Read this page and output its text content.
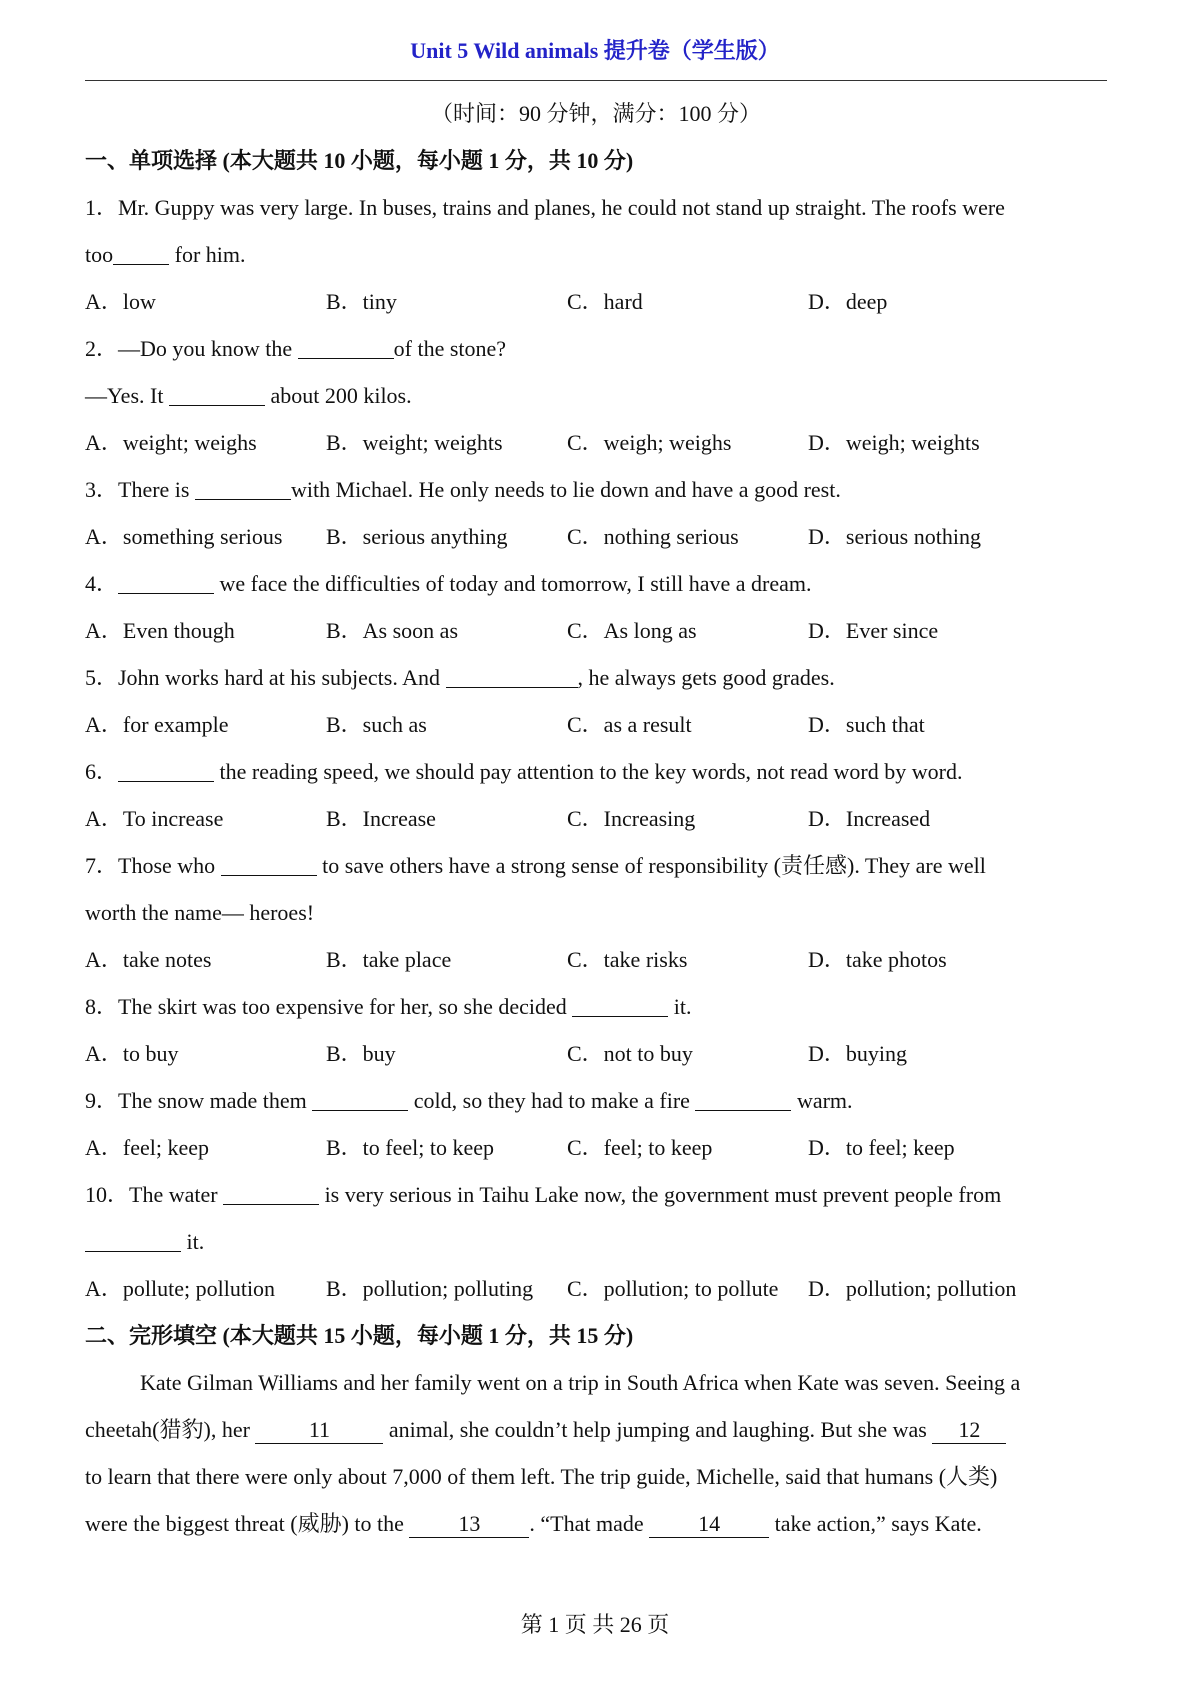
Unit 5 Wild animals 提升卷（学生版）
（时间：90 分钟，满分：100 分）
一、单项选择 (本大题共 10 小题，每小题 1 分，共 10 分)
1．Mr. Guppy was very large. In buses, trains and planes, he could not stand up straight. The roofs were
too	for him.
A．low	B．tiny	C．hard	D．deep
2．—Do you know the	of the stone?
—Yes. It	about 200 kilos.
A．weight; weighs	B．weight; weights	C．weigh; weighs	D．weigh; weights
3．There is	with Michael. He only needs to lie down and have a good rest.
A．something serious	B．serious anything	C．nothing serious	D．serious nothing
4．	we face the difficulties of today and tomorrow, I still have a dream.
A．Even though	B．As soon as	C．As long as	D．Ever since
5．John works hard at his subjects. And	, he always gets good grades.
A．for example	B．such as	C．as a result	D．such that
6．	the reading speed, we should pay attention to the key words, not read word by word.
A．To increase	B．Increase	C．Increasing	D．Increased
7．Those who	to save others have a strong sense of responsibility (责任感). They are well
worth the name— heroes!
A．take notes	B．take place	C．take risks	D．take photos
8．The skirt was too expensive for her, so she decided	it.
A．to buy	B．buy	C．not to buy	D．buying
9．The snow made them	cold, so they had to make a fire	warm.
A．feel; keep	B．to feel; to keep	C．feel; to keep	D．to feel; keep
10．The water	is very serious in Taihu Lake now, the government must prevent people from
it.
A．pollute; pollution	B．pollution; polluting	C．pollution; to pollute	D．pollution; pollution
二、完形填空 (本大题共 15 小题，每小题 1 分，共 15 分)
Kate Gilman Williams and her family went on a trip in South Africa when Kate was seven. Seeing a
cheetah(猎豹), her 11 animal, she couldn’t help jumping and laughing. But she was 12
to learn that there were only about 7,000 of them left. The trip guide, Michelle, said that humans (人类)
were the biggest threat (威胁) to the 13 . “That made 14 take action,” says Kate.
第 1 页 共 26 页
